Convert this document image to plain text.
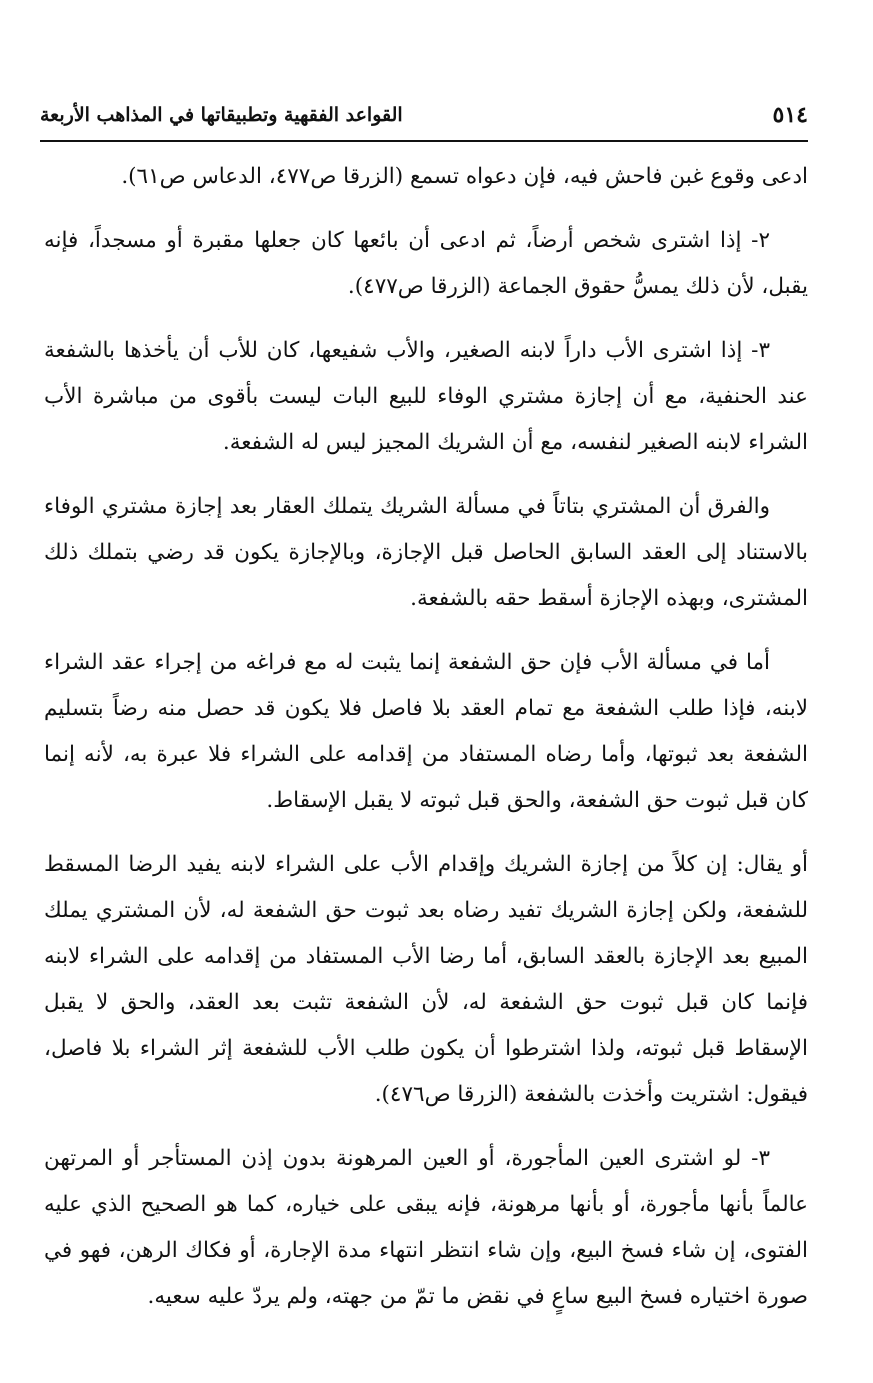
٥١٤
القواعد الفقهية وتطبيقاتها في المذاهب الأربعة

ادعى وقوع غبن فاحش فيه، فإن دعواه تسمع (الزرقا ص٤٧٧، الدعاس ص٦١).

٢- إذا اشترى شخص أرضاً، ثم ادعى أن بائعها كان جعلها مقبرة أو مسجداً، فإنه يقبل، لأن ذلك يمسُّ حقوق الجماعة (الزرقا ص٤٧٧).

٣- إذا اشترى الأب داراً لابنه الصغير، والأب شفيعها، كان للأب أن يأخذها بالشفعة عند الحنفية، مع أن إجازة مشتري الوفاء للبيع البات ليست بأقوى من مباشرة الأب الشراء لابنه الصغير لنفسه، مع أن الشريك المجيز ليس له الشفعة.

والفرق أن المشتري بتاتاً في مسألة الشريك يتملك العقار بعد إجازة مشتري الوفاء بالاستناد إلى العقد السابق الحاصل قبل الإجازة، وبالإجازة يكون قد رضي بتملك ذلك المشترى، وبهذه الإجازة أسقط حقه بالشفعة.

أما في مسألة الأب فإن حق الشفعة إنما يثبت له مع فراغه من إجراء عقد الشراء لابنه، فإذا طلب الشفعة مع تمام العقد بلا فاصل فلا يكون قد حصل منه رضاً بتسليم الشفعة بعد ثبوتها، وأما رضاه المستفاد من إقدامه على الشراء فلا عبرة به، لأنه إنما كان قبل ثبوت حق الشفعة، والحق قبل ثبوته لا يقبل الإسقاط.

أو يقال: إن كلاً من إجازة الشريك وإقدام الأب على الشراء لابنه يفيد الرضا المسقط للشفعة، ولكن إجازة الشريك تفيد رضاه بعد ثبوت حق الشفعة له، لأن المشتري يملك المبيع بعد الإجازة بالعقد السابق، أما رضا الأب المستفاد من إقدامه على الشراء لابنه فإنما كان قبل ثبوت حق الشفعة له، لأن الشفعة تثبت بعد العقد، والحق لا يقبل الإسقاط قبل ثبوته، ولذا اشترطوا أن يكون طلب الأب للشفعة إثر الشراء بلا فاصل، فيقول: اشتريت وأخذت بالشفعة (الزرقا ص٤٧٦).

٣- لو اشترى العين المأجورة، أو العين المرهونة بدون إذن المستأجر أو المرتهن عالماً بأنها مأجورة، أو بأنها مرهونة، فإنه يبقى على خياره، كما هو الصحيح الذي عليه الفتوى، إن شاء فسخ البيع، وإن شاء انتظر انتهاء مدة الإجارة، أو فكاك الرهن، فهو في صورة اختياره فسخ البيع ساعٍ في نقض ما تمّ من جهته، ولم يردّ عليه سعيه.
